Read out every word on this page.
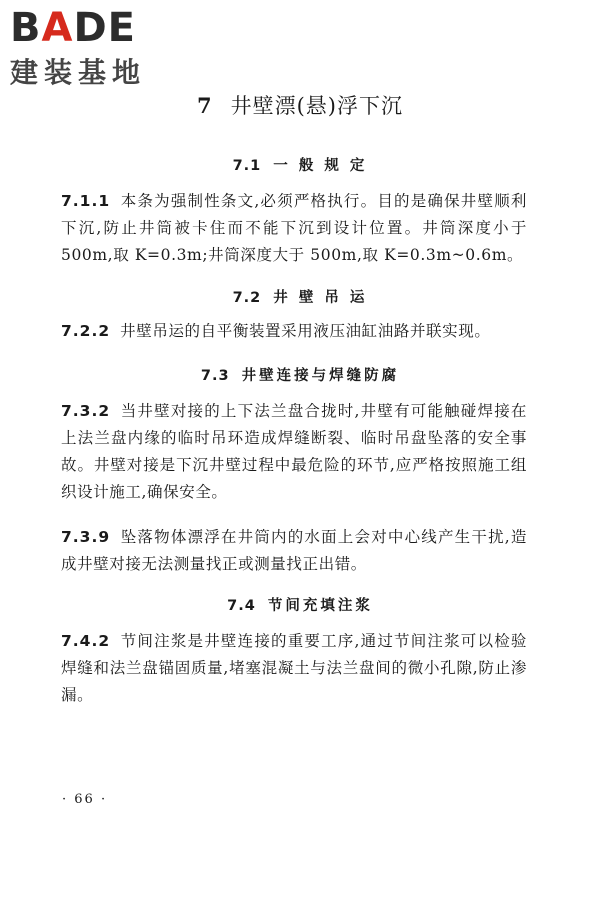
BADE
建装基地
7 井壁漂(悬)浮下沉
7.1 一 般 规 定
7.1.1 本条为强制性条文,必须严格执行。目的是确保井壁顺利下沉,防止井筒被卡住而不能下沉到设计位置。井筒深度小于500m,取 K=0.3m;井筒深度大于 500m,取 K=0.3m~0.6m。
7.2 井 壁 吊 运
7.2.2 井壁吊运的自平衡装置采用液压油缸油路并联实现。
7.3 井壁连接与焊缝防腐
7.3.2 当井壁对接的上下法兰盘合拢时,井壁有可能触碰焊接在上法兰盘内缘的临时吊环造成焊缝断裂、临时吊盘坠落的安全事故。井壁对接是下沉井壁过程中最危险的环节,应严格按照施工组织设计施工,确保安全。
7.3.9 坠落物体漂浮在井筒内的水面上会对中心线产生干扰,造成井壁对接无法测量找正或测量找正出错。
7.4 节间充填注浆
7.4.2 节间注浆是井壁连接的重要工序,通过节间注浆可以检验焊缝和法兰盘锚固质量,堵塞混凝土与法兰盘间的微小孔隙,防止渗漏。
· 66 ·
